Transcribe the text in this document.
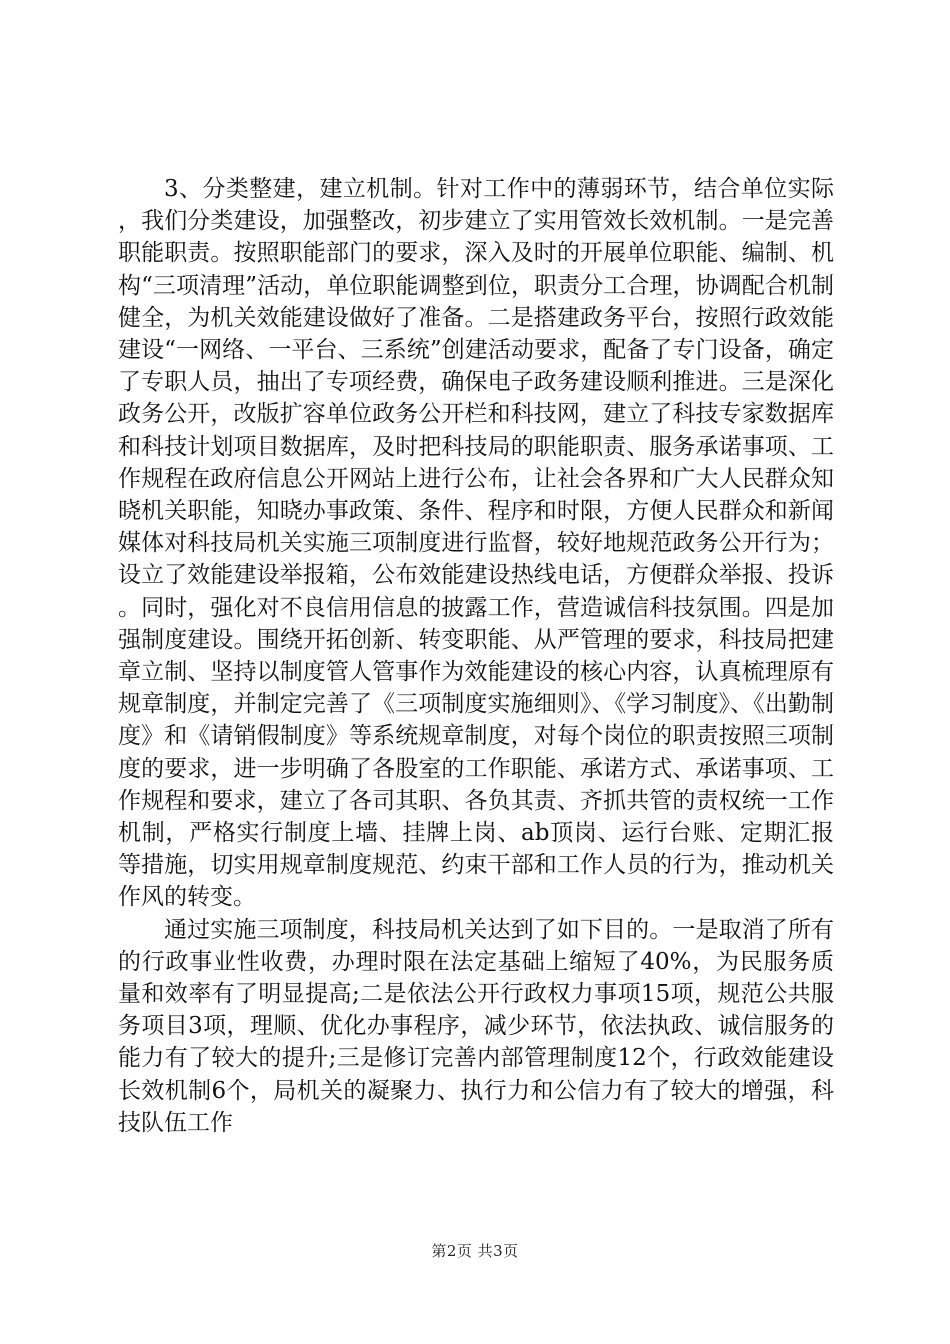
3、分类整建，建立机制。针对工作中的薄弱环节，结合单位实际，我们分类建设，加强整改，初步建立了实用管效长效机制。一是完善职能职责。按照职能部门的要求，深入及时的开展单位职能、编制、机构“三项清理”活动，单位职能调整到位，职责分工合理，协调配合机制健全，为机关效能建设做好了准备。二是搭建政务平台，按照行政效能建设“一网络、一平台、三系统”创建活动要求，配备了专门设备，确定了专职人员，抽出了专项经费，确保电子政务建设顺利推进。三是深化政务公开，改版扩容单位政务公开栏和科技网，建立了科技专家数据库和科技计划项目数据库，及时把科技局的职能职责、服务承诺事项、工作规程在政府信息公开网站上进行公布，让社会各界和广大人民群众知晓机关职能，知晓办事政策、条件、程序和时限，方便人民群众和新闻媒体对科技局机关实施三项制度进行监督，较好地规范政务公开行为；设立了效能建设举报箱，公布效能建设热线电话，方便群众举报、投诉。同时，强化对不良信用信息的披露工作，营造诚信科技氛围。四是加强制度建设。围绕开拓创新、转变职能、从严管理的要求，科技局把建章立制、坚持以制度管人管事作为效能建设的核心内容，认真梳理原有规章制度，并制定完善了《三项制度实施细则》、《学习制度》、《出勤制度》和《请销假制度》等系统规章制度，对每个岗位的职责按照三项制度的要求，进一步明确了各股室的工作职能、承诺方式、承诺事项、工作规程和要求，建立了各司其职、各负其责、齐抓共管的责权统一工作机制，严格实行制度上墙、挂牌上岗、ab顶岗、运行台账、定期汇报等措施，切实用规章制度规范、约束干部和工作人员的行为，推动机关作风的转变。

通过实施三项制度，科技局机关达到了如下目的。一是取消了所有的行政事业性收费，办理时限在法定基础上缩短了40%，为民服务质量和效率有了明显提高;二是依法公开行政权力事项15项，规范公共服务项目3项，理顺、优化办事程序，减少环节，依法执政、诚信服务的能力有了较大的提升;三是修订完善内部管理制度12个，行政效能建设长效机制6个，局机关的凝聚力、执行力和公信力有了较大的增强，科技队伍工作

第2页 共3页
